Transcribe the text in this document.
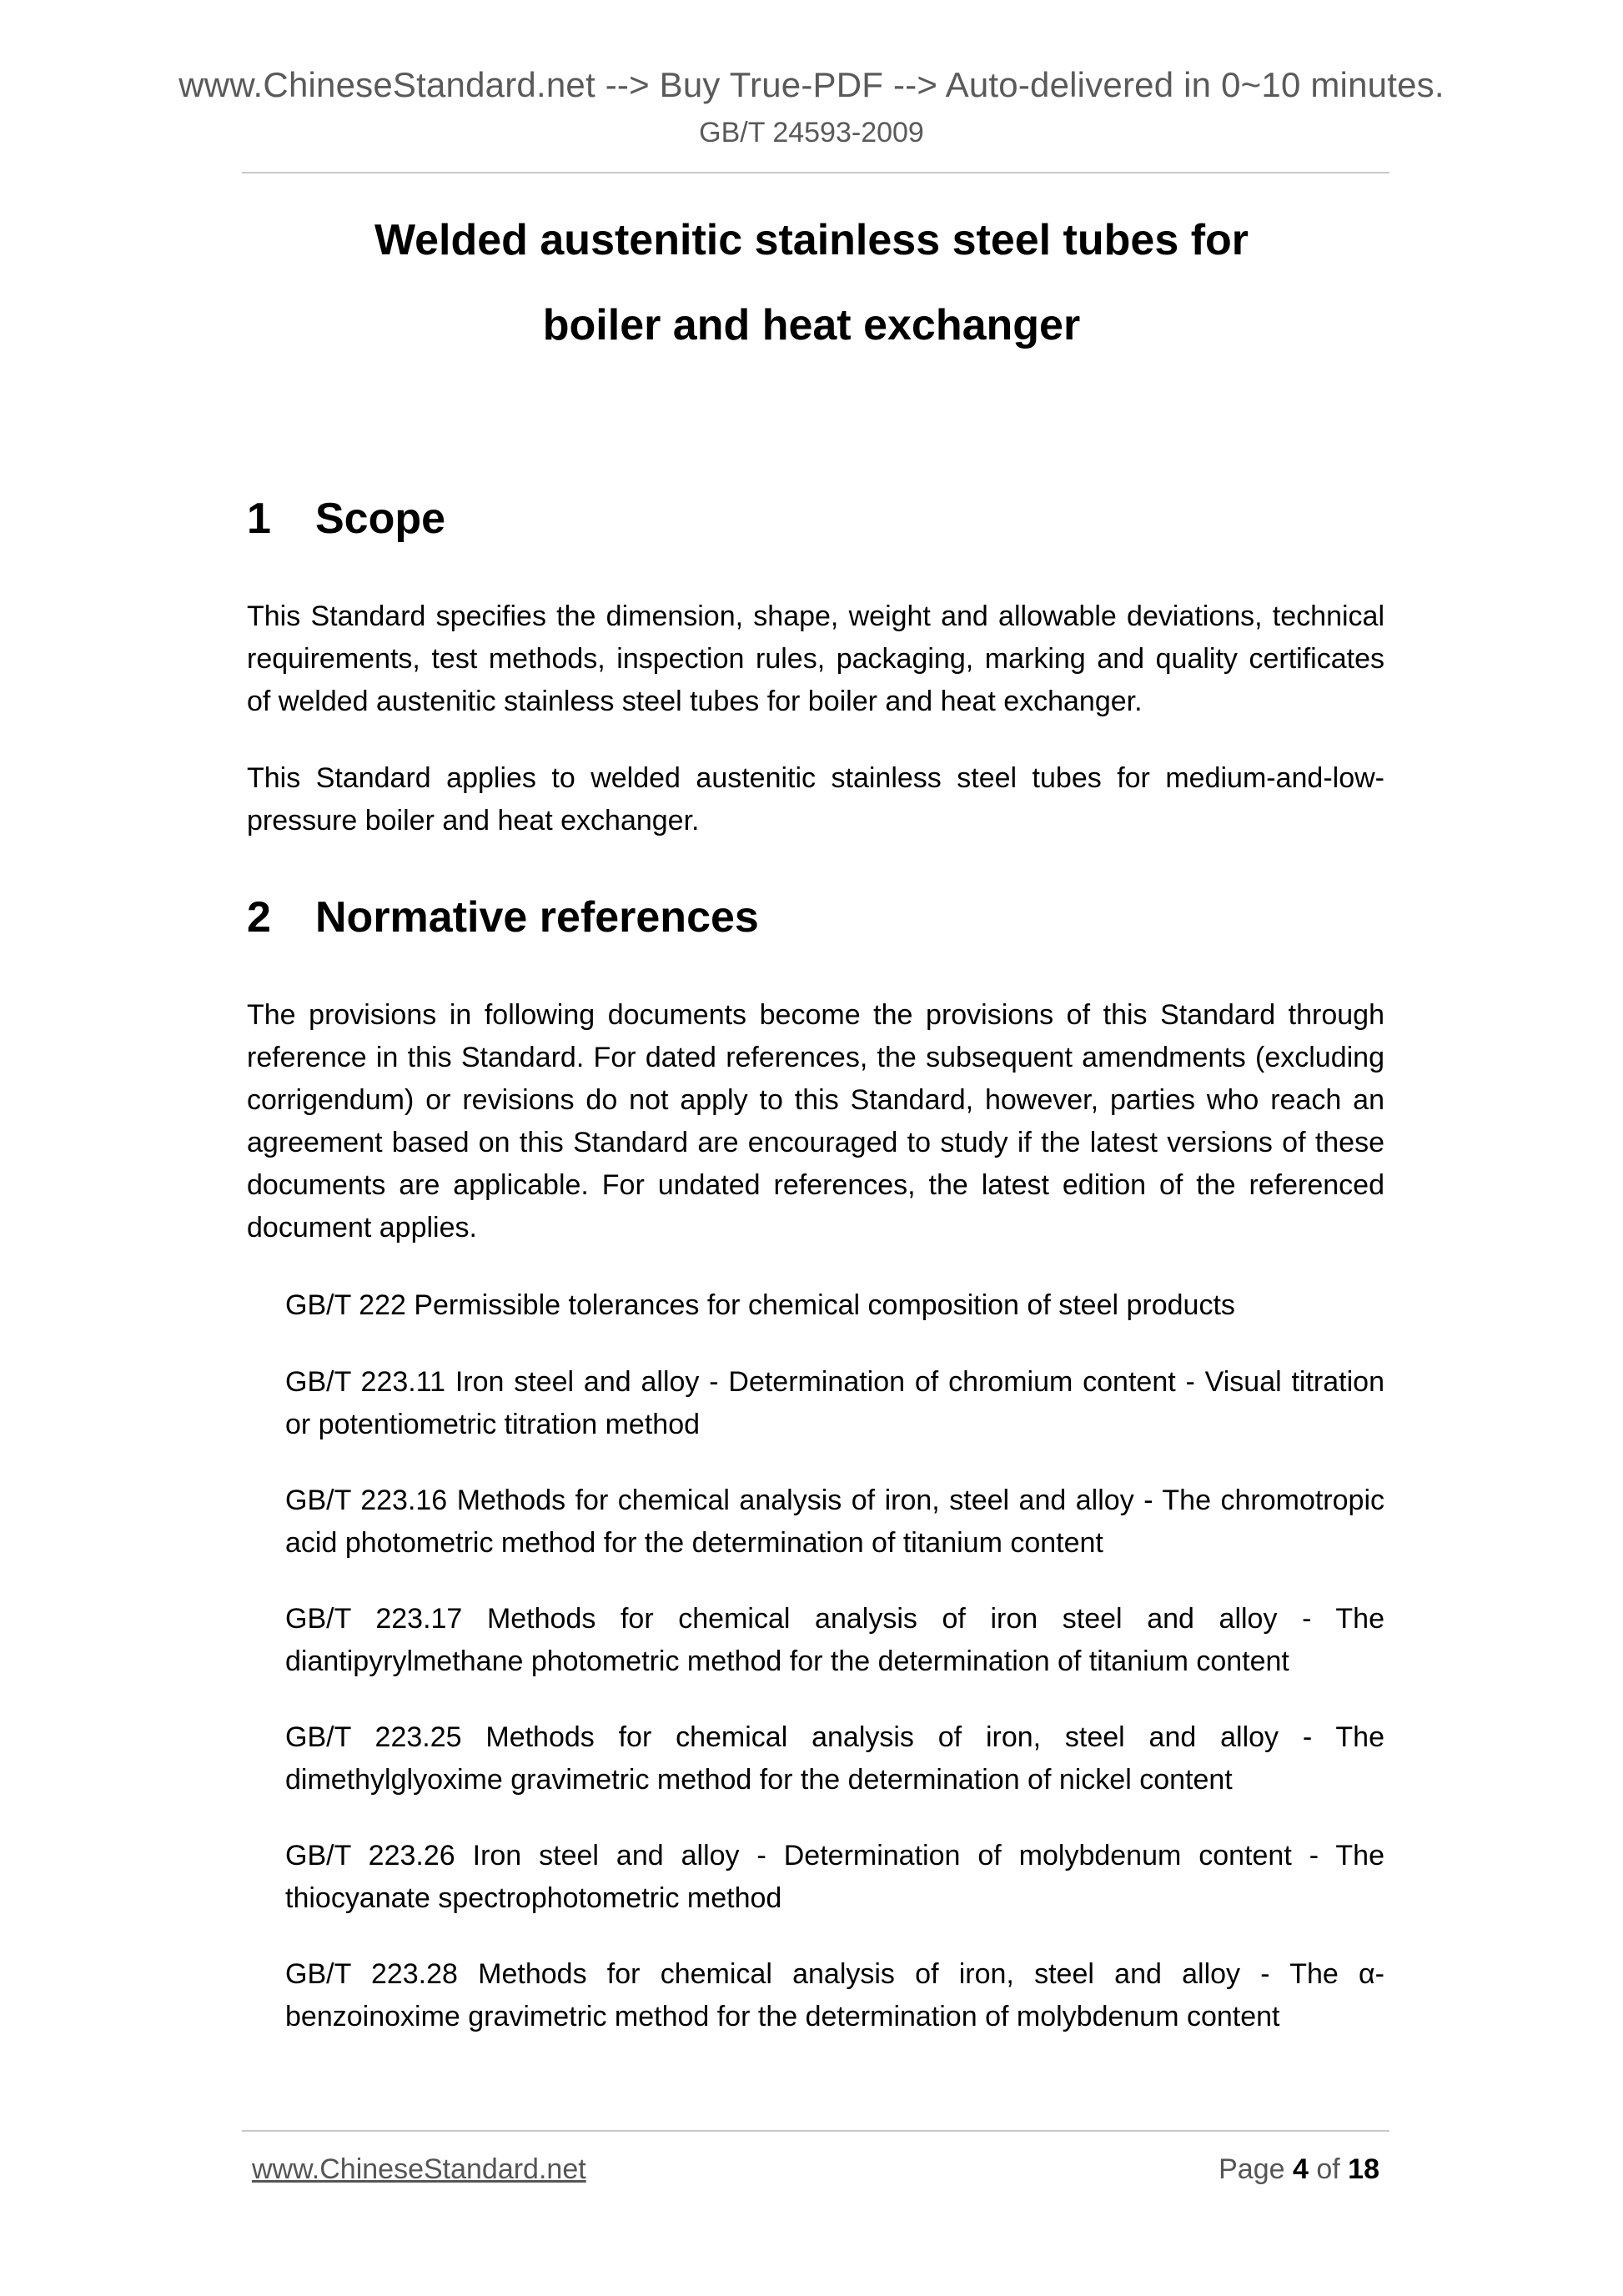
www.ChineseStandard.net --> Buy True-PDF --> Auto-delivered in 0~10 minutes.
GB/T 24593-2009
Welded austenitic stainless steel tubes for
boiler and heat exchanger
1 Scope
This Standard specifies the dimension, shape, weight and allowable deviations, technical requirements, test methods, inspection rules, packaging, marking and quality certificates of welded austenitic stainless steel tubes for boiler and heat exchanger.
This Standard applies to welded austenitic stainless steel tubes for medium-and-low-pressure boiler and heat exchanger.
2 Normative references
The provisions in following documents become the provisions of this Standard through reference in this Standard. For dated references, the subsequent amendments (excluding corrigendum) or revisions do not apply to this Standard, however, parties who reach an agreement based on this Standard are encouraged to study if the latest versions of these documents are applicable. For undated references, the latest edition of the referenced document applies.
GB/T 222 Permissible tolerances for chemical composition of steel products
GB/T 223.11 Iron steel and alloy - Determination of chromium content - Visual titration or potentiometric titration method
GB/T 223.16 Methods for chemical analysis of iron, steel and alloy - The chromotropic acid photometric method for the determination of titanium content
GB/T 223.17 Methods for chemical analysis of iron steel and alloy - The diantipyrylmethane photometric method for the determination of titanium content
GB/T 223.25 Methods for chemical analysis of iron, steel and alloy - The dimethylglyoxime gravimetric method for the determination of nickel content
GB/T 223.26 Iron steel and alloy - Determination of molybdenum content - The thiocyanate spectrophotometric method
GB/T 223.28 Methods for chemical analysis of iron, steel and alloy - The α-benzoinoxime gravimetric method for the determination of molybdenum content
www.ChineseStandard.net	Page 4 of 18
